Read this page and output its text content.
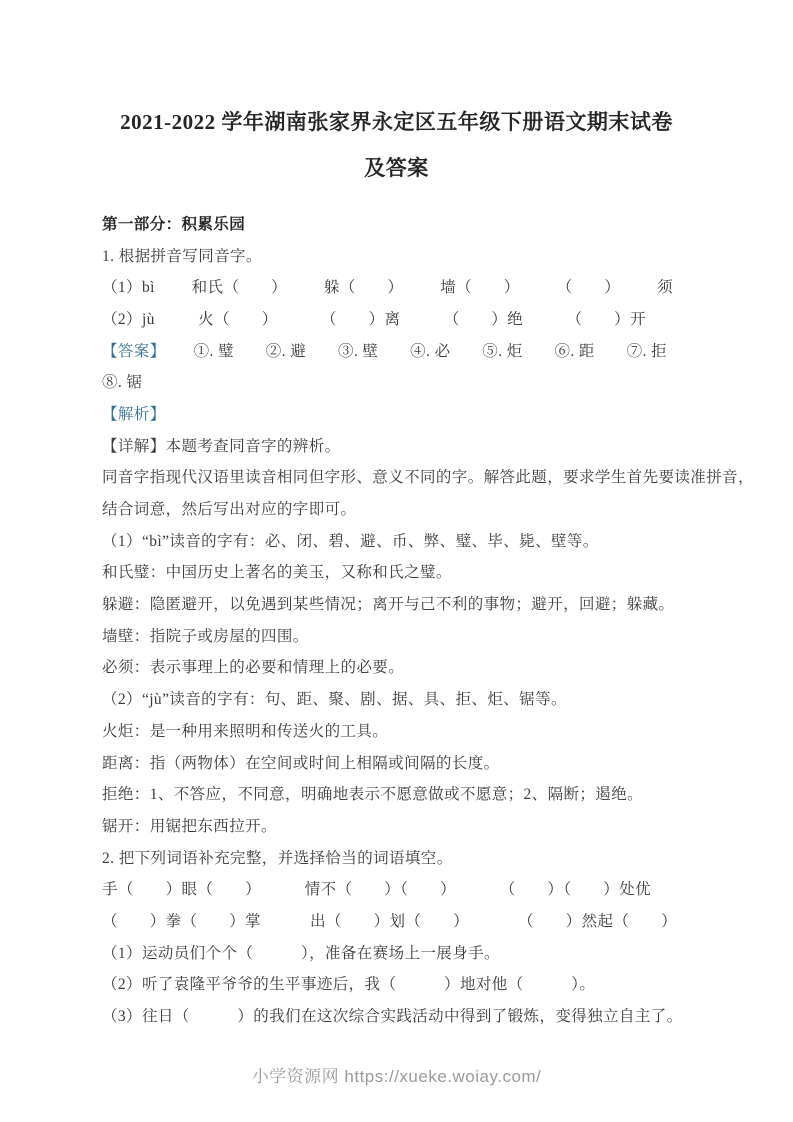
2021-2022 学年湖南张家界永定区五年级下册语文期末试卷
及答案
第一部分：积累乐园
1. 根据拼音写同音字。
（1）bì 和氏（　　） 躲（　　） 墙（　　） （　　） 须
（2）jù	火（　　）	（　　）离	（　　）绝	（　　）开
【答案】 ①. 璧 ②. 避 ③. 壁 ④. 必 ⑤. 炬 ⑥. 距 ⑦. 拒
⑧. 锯
【解析】
【详解】本题考查同音字的辨析。
同音字指现代汉语里读音相同但字形、意义不同的字。解答此题，要求学生首先要读准拼音，
结合词意，然后写出对应的字即可。
（1）“bì”读音的字有：必、闭、碧、避、币、弊、璧、毕、毙、壁等。
和氏璧：中国历史上著名的美玉，又称和氏之璧。
躲避：隐匿避开，以免遇到某些情况；离开与己不利的事物；避开，回避；躲藏。
墙壁：指院子或房屋的四围。
必须：表示事理上的必要和情理上的必要。
（2）“jù”读音的字有：句、距、聚、剧、据、具、拒、炬、锯等。
火炬：是一种用来照明和传送火的工具。
距离：指（两物体）在空间或时间上相隔或间隔的长度。
拒绝：1、不答应，不同意，明确地表示不愿意做或不愿意；2、隔断；遏绝。
锯开：用锯把东西拉开。
2. 把下列词语补充完整，并选择恰当的词语填空。
手（　　）眼（　　）	情不（　　）（　　）	（　　）（　　）处优
（　　）拳（　　）掌	出（　　）划（　　）	（　　）然起（　　）
（1）运动员们个个（　　　），准备在赛场上一展身手。
（2）听了袁隆平爷爷的生平事迹后，我（　　　）地对他（　　　）。
（3）往日（　　　）的我们在这次综合实践活动中得到了锻炼，变得独立自主了。
小学资源网 https://xueke.woiay.com/
